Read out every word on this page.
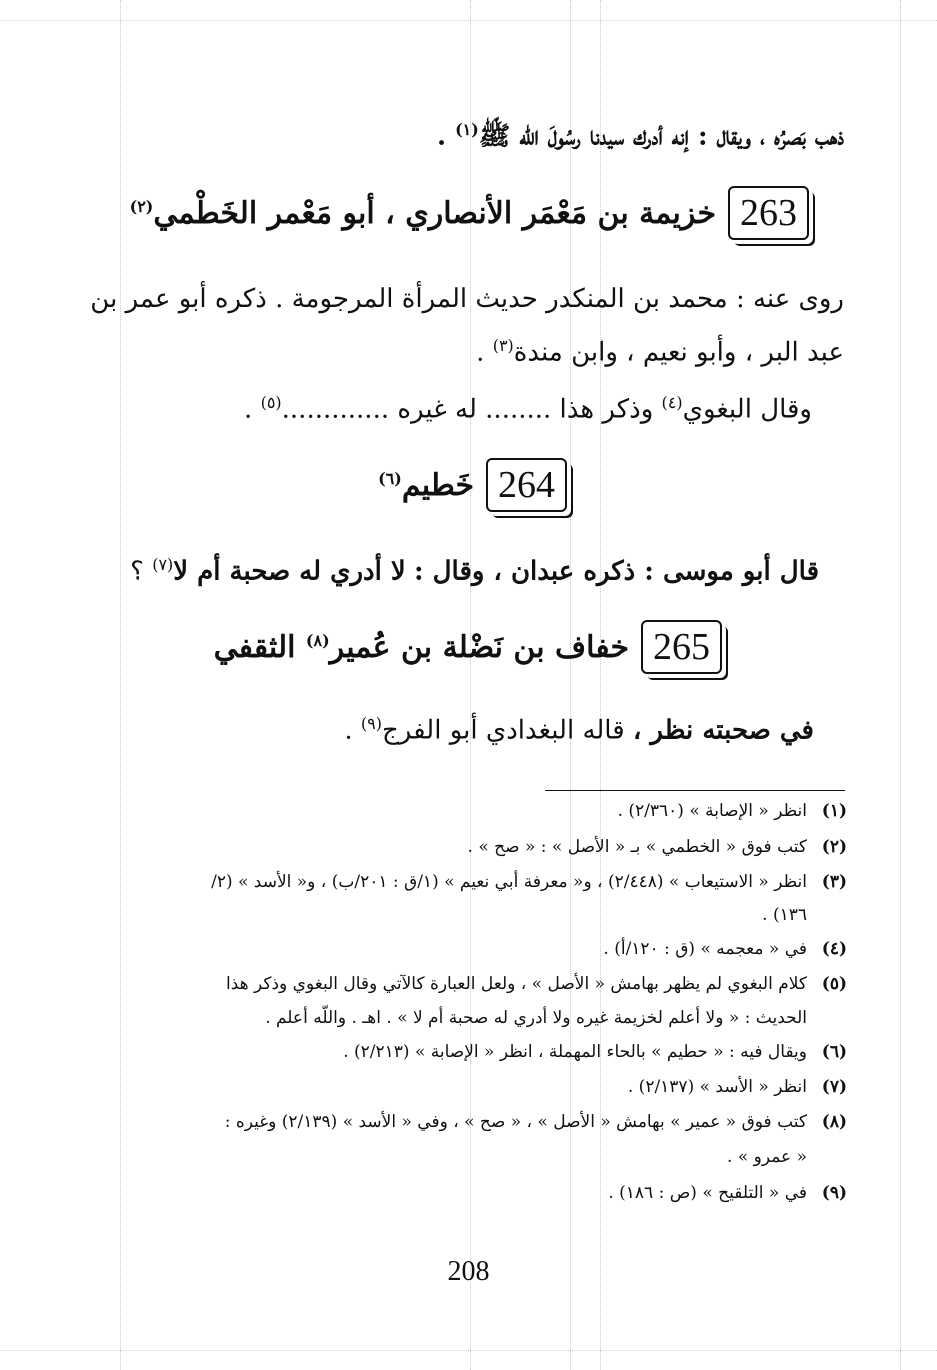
ذهب بَصرُه ، ويقال : إنه أدرك سيدنا رسُولَ اللّه ﷺ$^{(١)}$ .
263
خزيمة بن مَعْمَر الأنصاري ، أبو مَعْمر الخَطْمي$^{(٢)}$
روى عنه : محمد بن المنكدر حديث المرأة المرجومة . ذكره أبو عمر بن
عبد البر ، وأبو نعيم ، وابن مندة$^{(٣)}$ .
وقال البغوي$^{(٤)}$ وذكر هذا ........ له غيره .............$^{(٥)}$ .
264
خَطيم$^{(٦)}$
قال أبو موسى : ذكره عبدان ، وقال : لا أدري له صحبة أم لا$^{(٧)}$ ؟
265
خفاف بن نَضْلة بن عُمير$^{(٨)}$ الثقفي
في صحبته نظر ، قاله البغدادي أبو الفرج$^{(٩)}$ .
(١)انظر « الإصابة » (٢/٣٦٠) .
(٢)كتب فوق « الخطمي » بـ « الأصل » : « صح » .
(٣)انظر « الاستيعاب » (٢/٤٤٨) ، و« معرفة أبي نعيم » (١/ق : ٢٠١/ب) ، و« الأسد » (٢/
١٣٦) .
(٤)في « معجمه » (ق : ١٢٠/أ) .
(٥)كلام البغوي لم يظهر بهامش « الأصل » ، ولعل العبارة كالآتي وقال البغوي وذكر هذا
الحديث : « ولا أعلم لخزيمة غيره ولا أدري له صحبة أم لا » . اهـ . واللّه أعلم .
(٦)ويقال فيه : « حطيم » بالحاء المهملة ، انظر « الإصابة » (٢/٢١٣) .
(٧)انظر « الأسد » (٢/١٣٧) .
(٨)كتب فوق « عمير » بهامش « الأصل » ، « صح » ، وفي « الأسد » (٢/١٣٩) وغيره :
« عمرو » .
(٩)في « التلقيح » (ص : ١٨٦) .
208
